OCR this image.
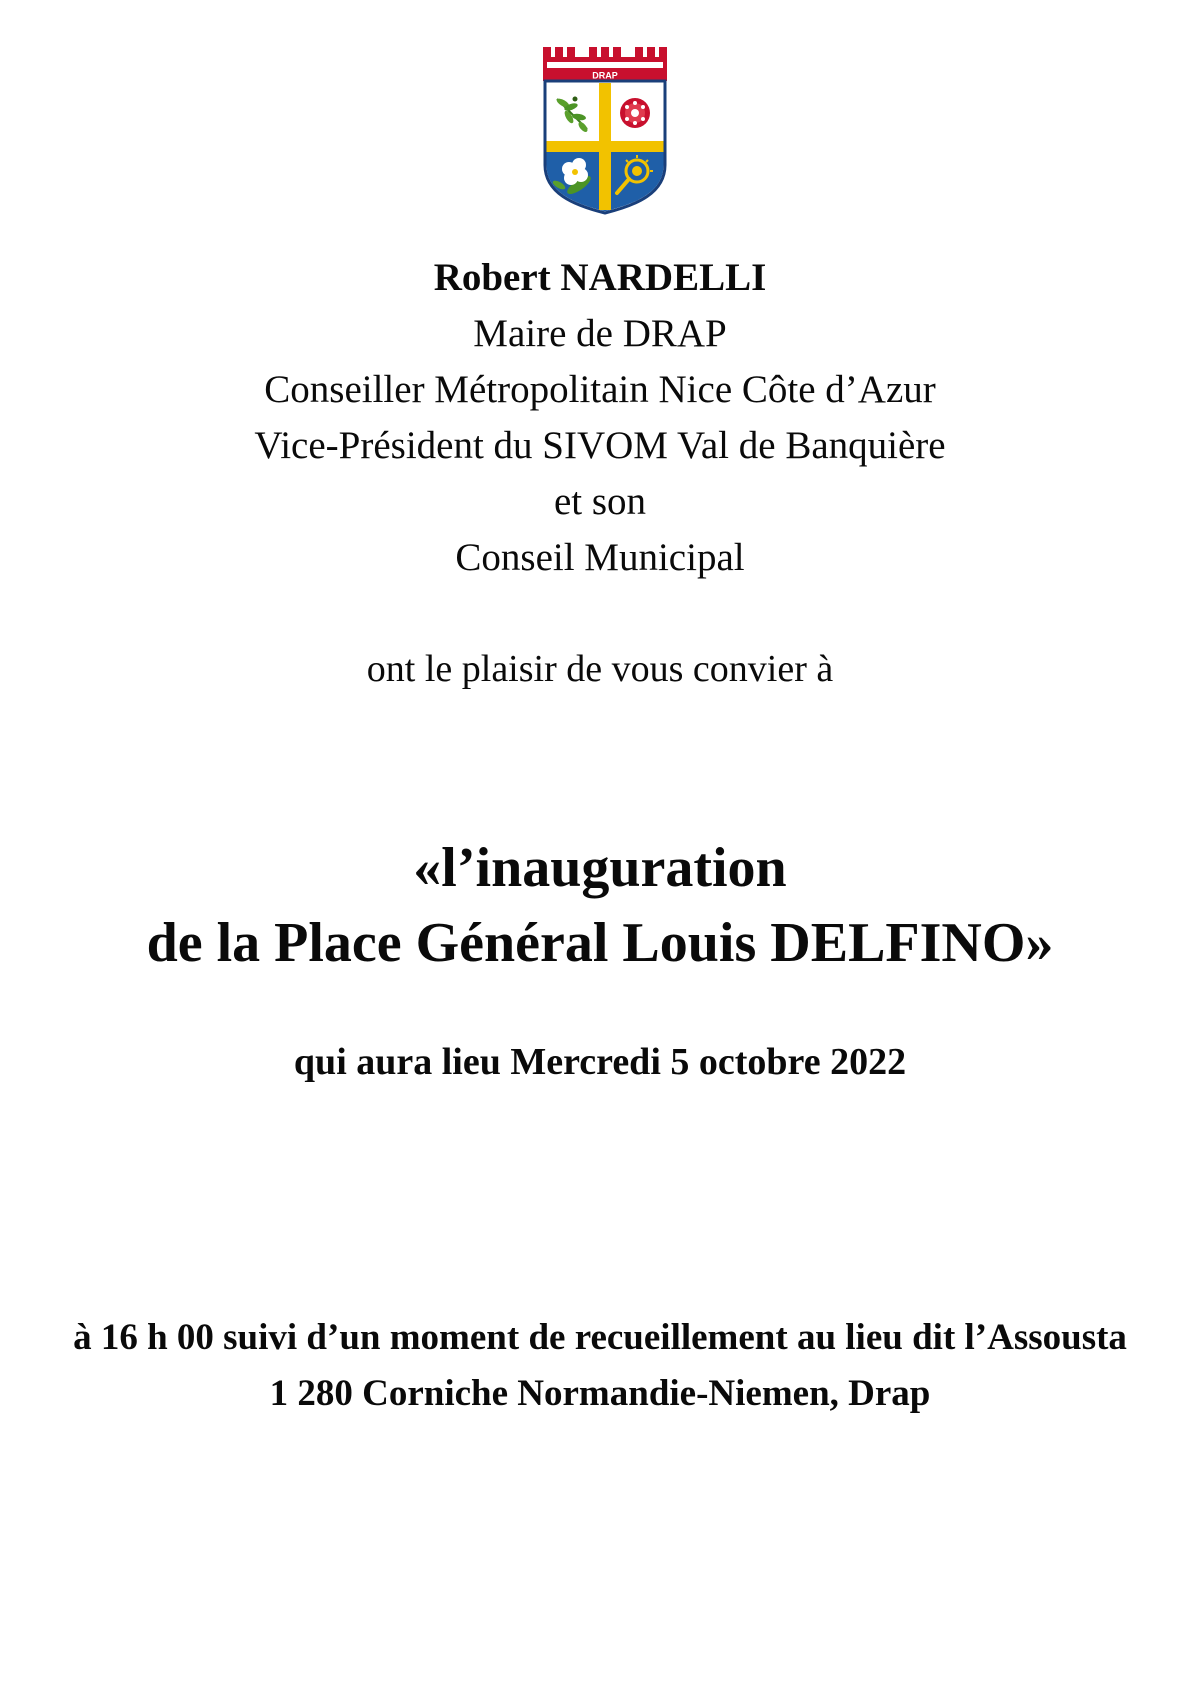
DRAP
Robert NARDELLI
Maire de DRAP
Conseiller Métropolitain Nice Côte d’Azur
Vice-Président du SIVOM Val de Banquière
et son
Conseil Municipal
ont le plaisir de vous convier à
«l’inauguration
de la Place Général Louis DELFINO»
qui aura lieu Mercredi 5 octobre 2022
à 16 h 00 suivi d’un moment de recueillement au lieu dit l’Assousta
1 280 Corniche Normandie-Niemen, Drap
